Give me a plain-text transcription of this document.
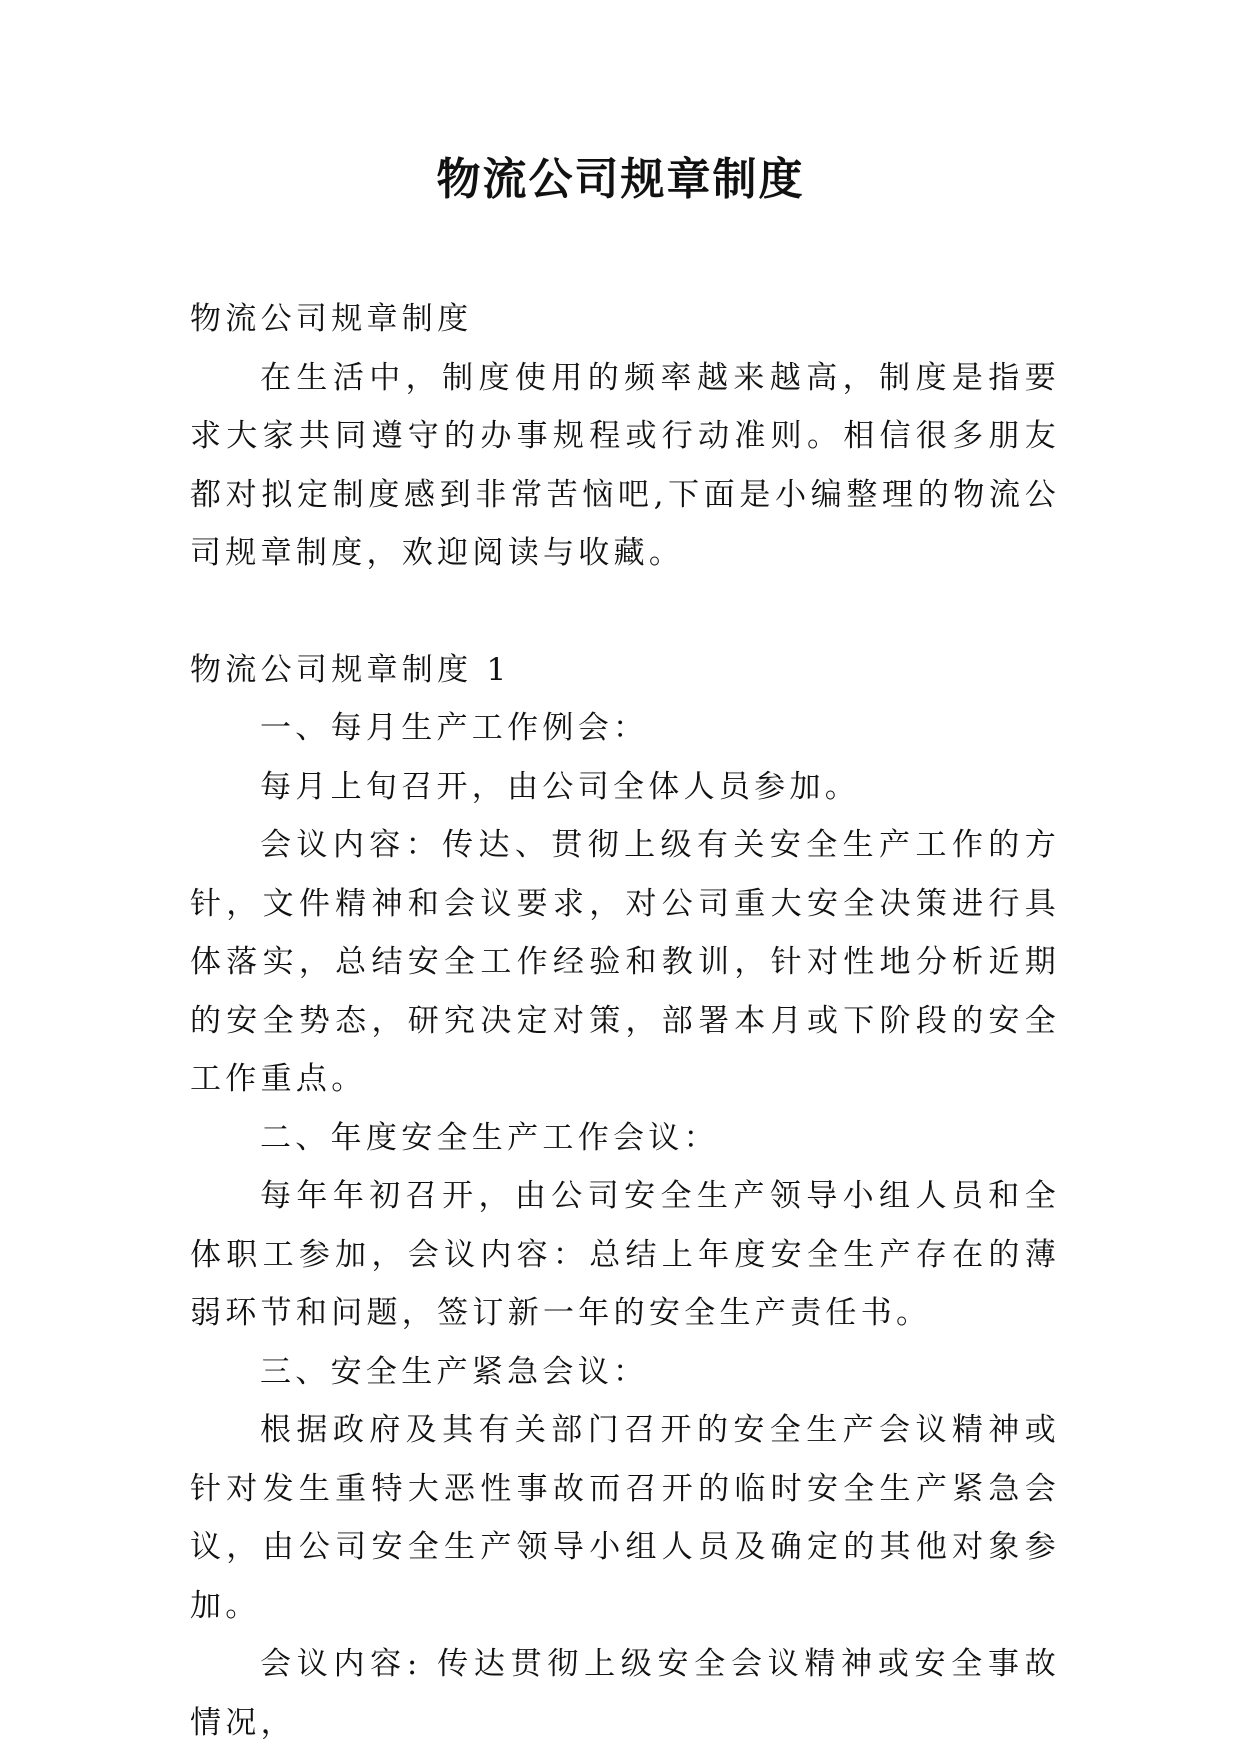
物流公司规章制度

物流公司规章制度

在生活中，制度使用的频率越来越高，制度是指要求大家共同遵守的办事规程或行动准则。相信很多朋友都对拟定制度感到非常苦恼吧,下面是小编整理的物流公司规章制度，欢迎阅读与收藏。

物流公司规章制度 1

一、每月生产工作例会：

每月上旬召开，由公司全体人员参加。

会议内容：传达、贯彻上级有关安全生产工作的方针，文件精神和会议要求，对公司重大安全决策进行具体落实，总结安全工作经验和教训，针对性地分析近期的安全势态，研究决定对策，部署本月或下阶段的安全工作重点。

二、年度安全生产工作会议：

每年年初召开，由公司安全生产领导小组人员和全体职工参加，会议内容：总结上年度安全生产存在的薄弱环节和问题，签订新一年的安全生产责任书。

三、安全生产紧急会议：

根据政府及其有关部门召开的安全生产会议精神或针对发生重特大恶性事故而召开的临时安全生产紧急会议，由公司安全生产领导小组人员及确定的其他对象参加。

会议内容: 传达贯彻上级安全会议精神或安全事故情况，
